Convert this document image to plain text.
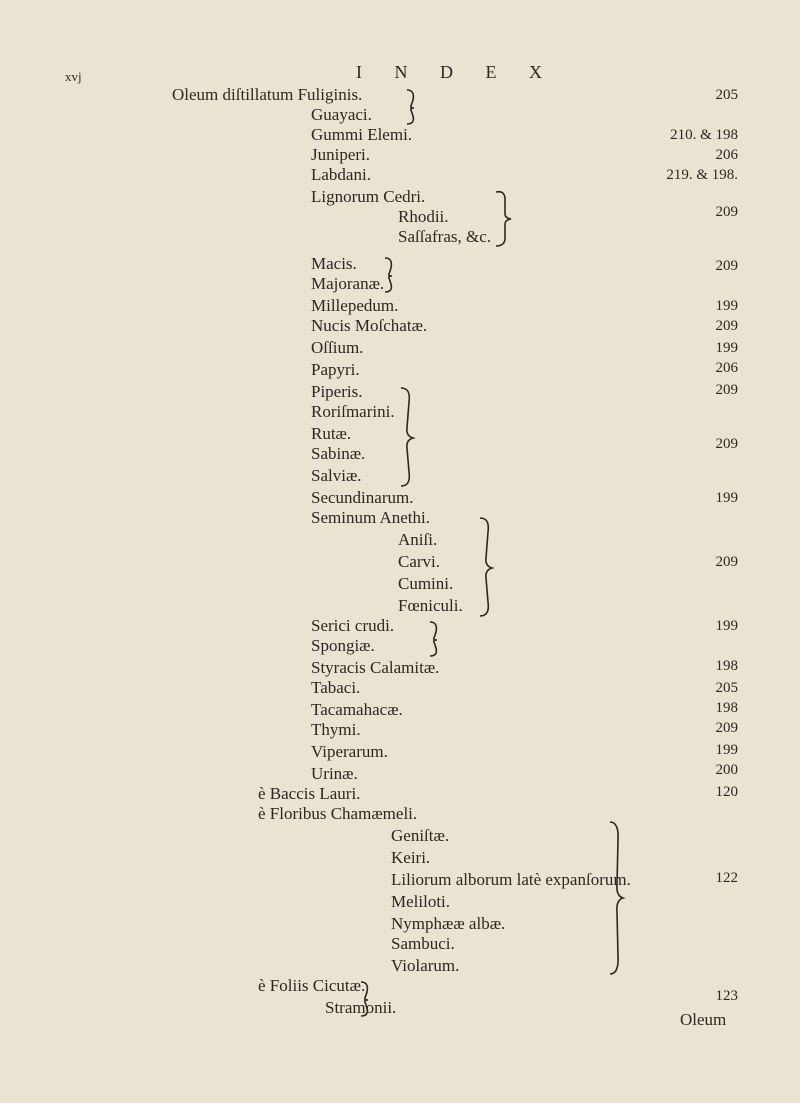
xvj	I N D E X
Oleum diſtillatum Fuliginis.
Guayaci.
Gummi Elemi.
Juniperi.
Labdani.
Lignorum Cedri.
Rhodii.
Saſſafras, &c.
Macis.
Majoranæ.
Millepedum.
Nucis Moſchatæ.
Oſſium.
Papyri.
Piperis.
Roriſmarini.
Rutæ.
Sabinæ.
Salviæ.
Secundinarum.
Seminum Anethi.
Aniſi.
Carvi.
Cumini.
Fœniculi.
Serici crudi.
Spongiæ.
Styracis Calamitæ.
Tabaci.
Tacamahacæ.
Thymi.
Viperarum.
Urinæ.
è Baccis Lauri.
è Floribus Chamæmeli.
Geniſtæ.
Keiri.
Liliorum alborum latè expanſorum.
Meliloti.
Nymphææ albæ.
Sambuci.
Violarum.
è Foliis Cicutæ.
Stramonii.
205
210. & 198
206
219. & 198.
209
209
199
209
199
206
209
209
199
209
199
198
205
198
209
199
200
120
122
123
Oleum
